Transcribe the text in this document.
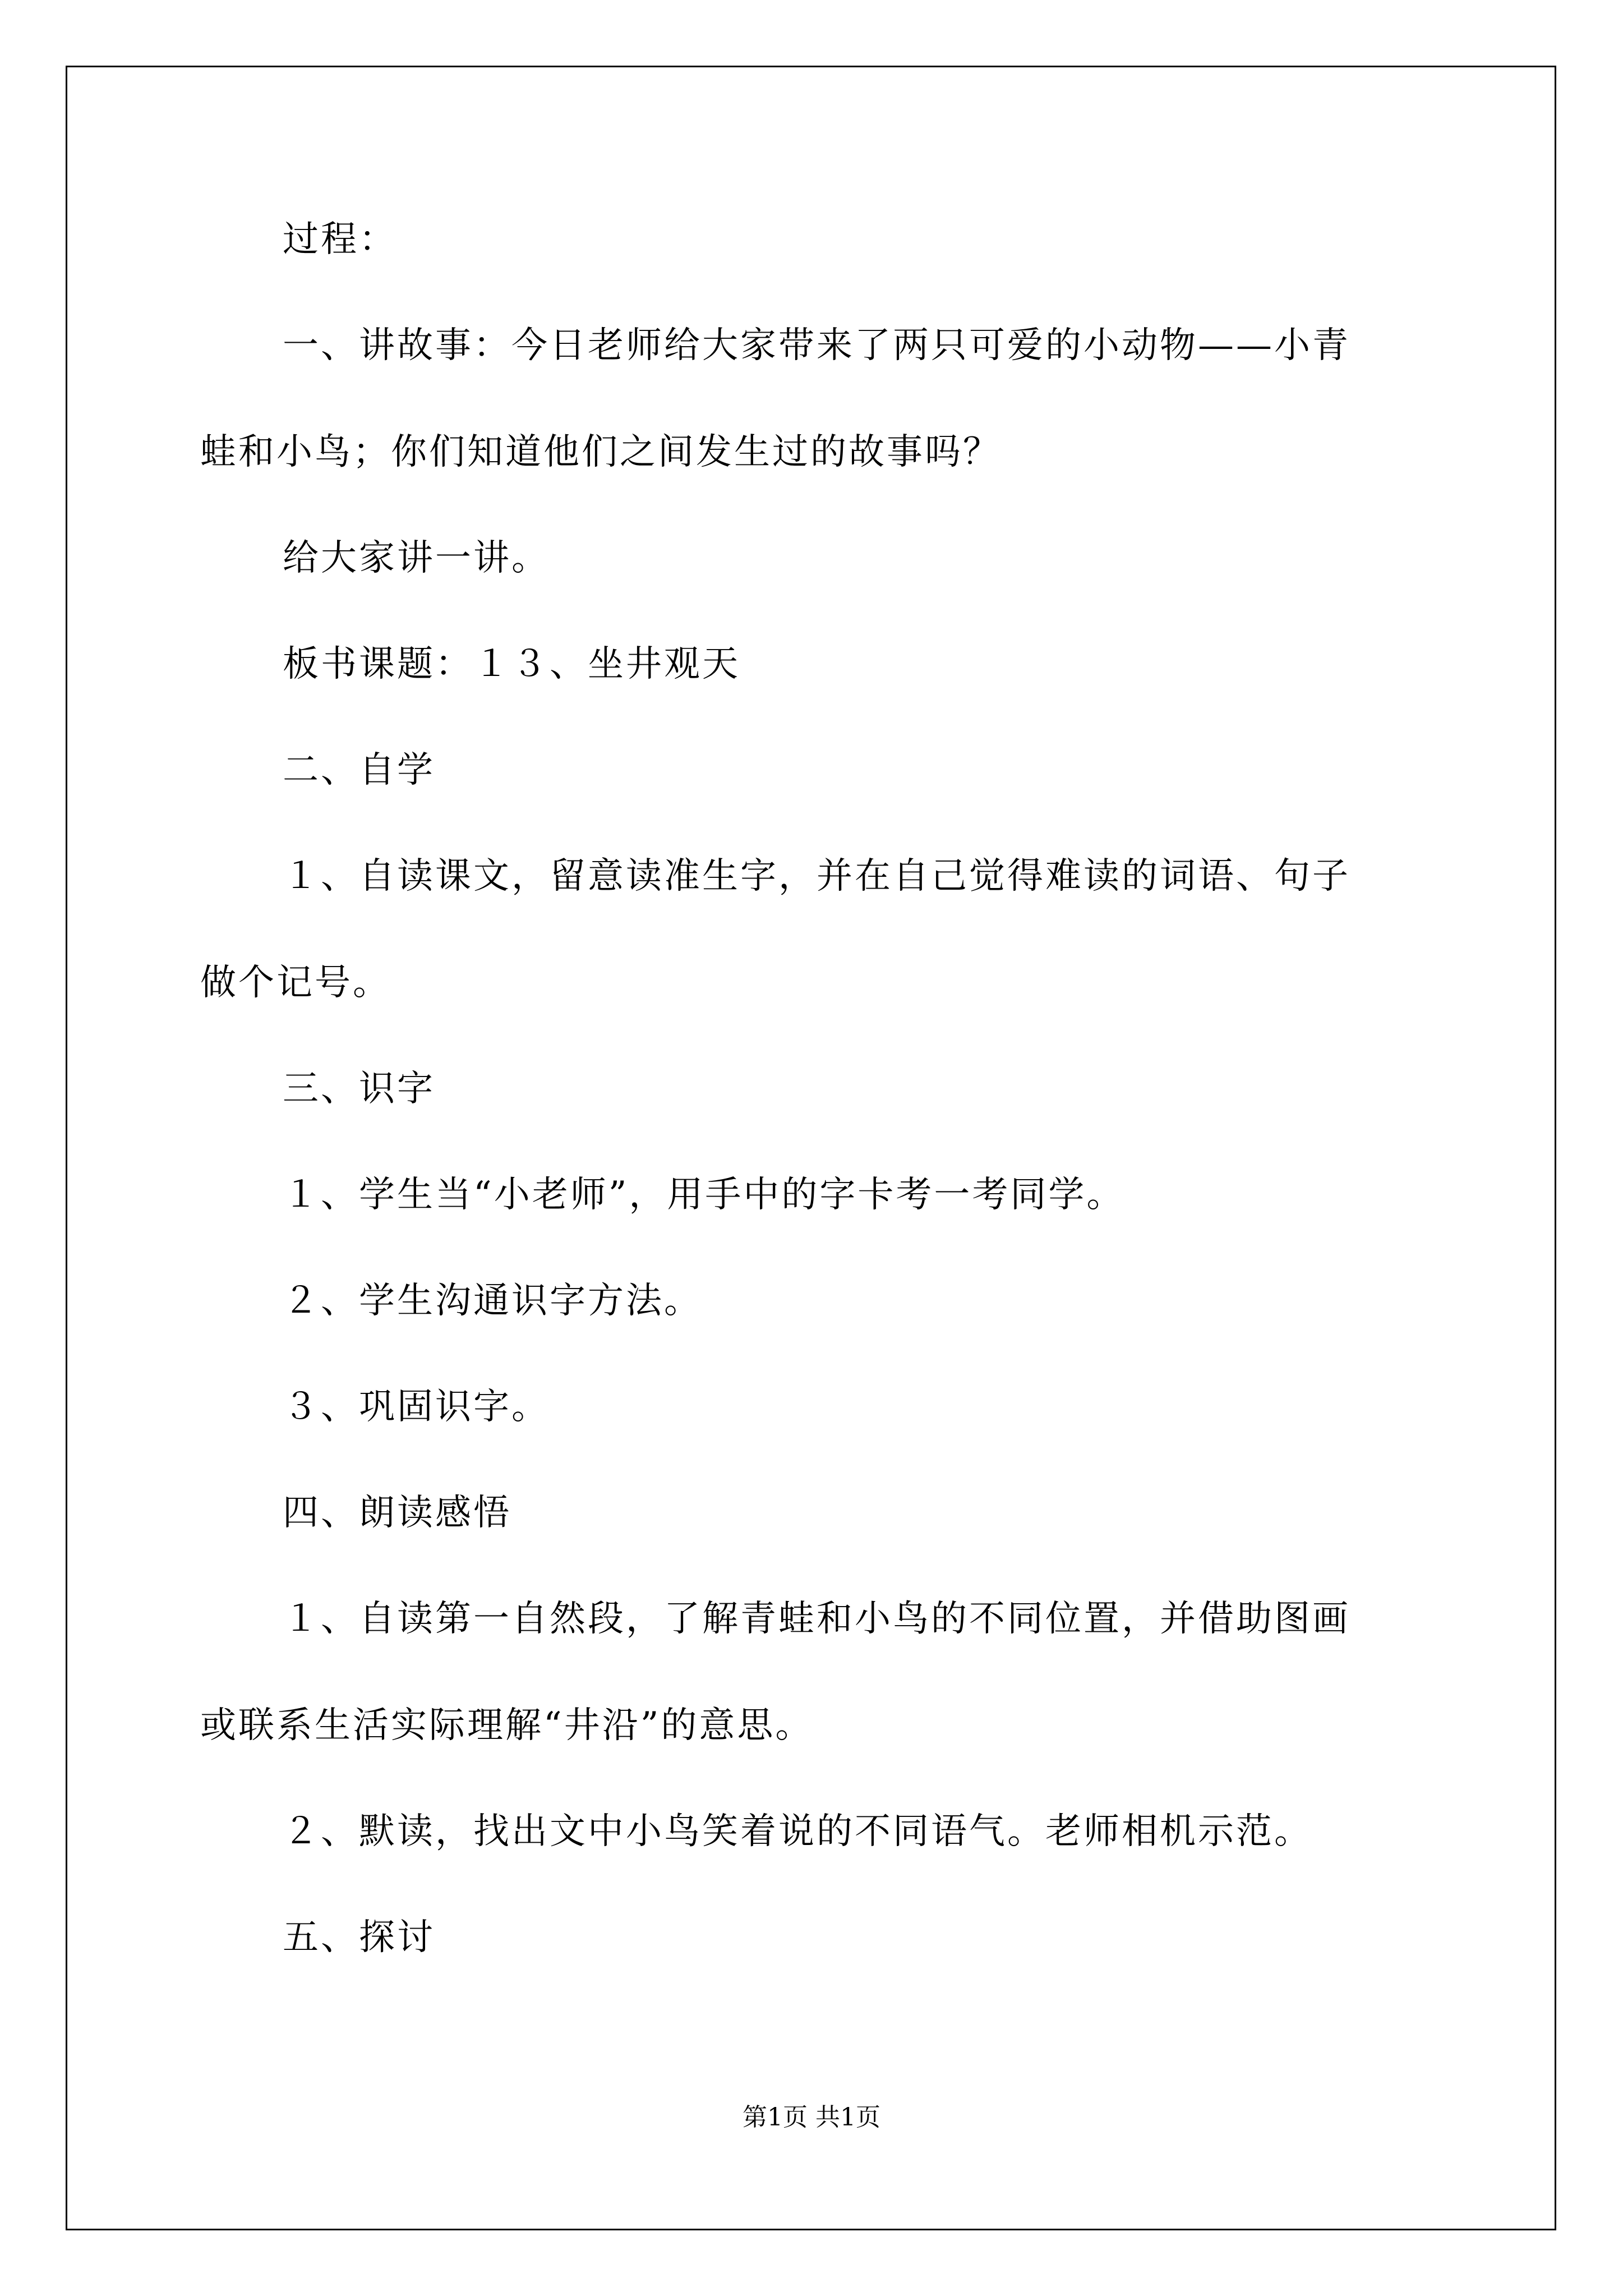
过程：

一、讲故事：今日老师给大家带来了两只可爱的小动物——小青
蛙和小鸟；你们知道他们之间发生过的故事吗？

给大家讲一讲。

板书课题：１３、坐井观天

二、自学

１、自读课文，留意读准生字，并在自己觉得难读的词语、句子
做个记号。

三、识字

１、学生当“小老师”，用手中的字卡考一考同学。

２、学生沟通识字方法。

３、巩固识字。

四、朗读感悟

１、自读第一自然段，了解青蛙和小鸟的不同位置，并借助图画
或联系生活实际理解“井沿”的意思。

２、默读，找出文中小鸟笑着说的不同语气。老师相机示范。

五、探讨

第1页 共1页
